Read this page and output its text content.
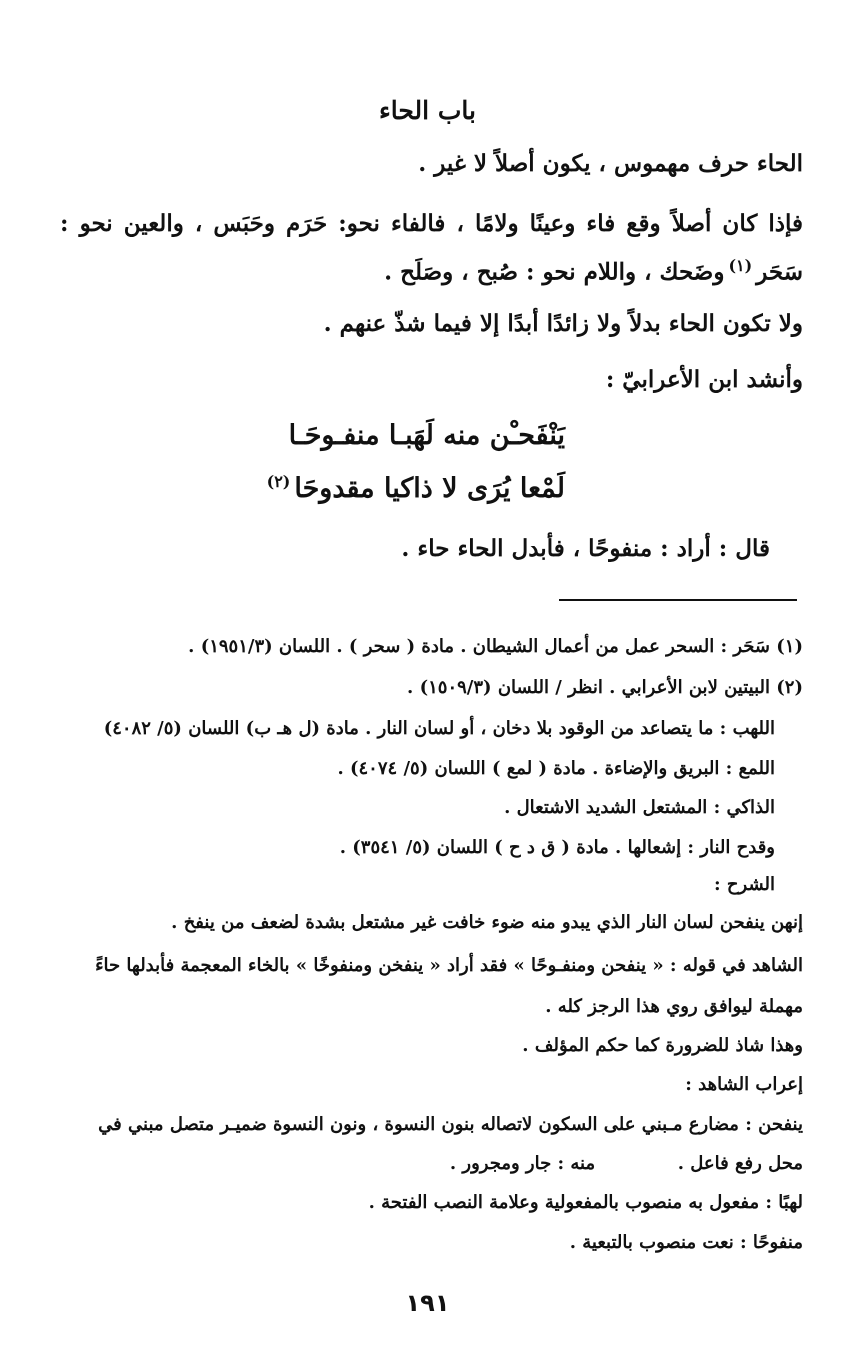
باب الحاء
الحاء حرف مهموس ، يكون أصلاً لا غير .
فإذا كان أصلاً وقع فاء وعينًا ولامًا ، فالفاء نحو: حَرَم وحَبَس ، والعين نحو :
سَحَر$^{(١)}$وضَحك ، واللام نحو : صُبح ، وصَلَح .
ولا تكون الحاء بدلاً ولا زائدًا أبدًا إلا فيما شذّ عنهم .
وأنشد ابن الأعرابيّ :
يَنْفَحـْن منه لَهَبـا منفـوحَـا
لَمْعا يُرَى لا ذاكيا مقدوحَا$^{(٢)}$
قال : أراد : منفوحًا ، فأبدل الحاء حاء .
(١) سَحَر : السحر عمل من أعمال الشيطان . مادة ( سحر ) . اللسان (١٩٥١/٣) .
(٢) البيتين لابن الأعرابي . انظر / اللسان (١٥٠٩/٣) .
اللهب : ما يتصاعد من الوقود بلا دخان ، أو لسان النار . مادة (ل هـ ب) اللسان (٥/ ٤٠٨٢)
اللمع : البريق والإضاءة . مادة ( لمع ) اللسان (٥/ ٤٠٧٤) .
الذاكي : المشتعل الشديد الاشتعال .
وقدح النار : إشعالها . مادة ( ق د ح ) اللسان (٥/ ٣٥٤١) .
الشرح :
إنهن ينفحن لسان النار الذي يبدو منه ضوء خافت غير مشتعل بشدة لضعف من ينفخ .
الشاهد في قوله : « ينفحن ومنفـوحًا » فقد أراد « ينفخن ومنفوخًا » بالخاء المعجمة فأبدلها حاءً
مهملة ليوافق روي هذا الرجز كله .
وهذا شاذ للضرورة كما حكم المؤلف .
إعراب الشاهد :
ينفحن : مضارع مـبني على السكون لاتصاله بنون النسوة ، ونون النسوة ضميـر متصل مبني في
محل رفع فاعل .  منه : جار ومجرور .
لهبًا : مفعول به منصوب بالمفعولية وعلامة النصب الفتحة .
منفوحًا : نعت منصوب بالتبعية .
١٩١
